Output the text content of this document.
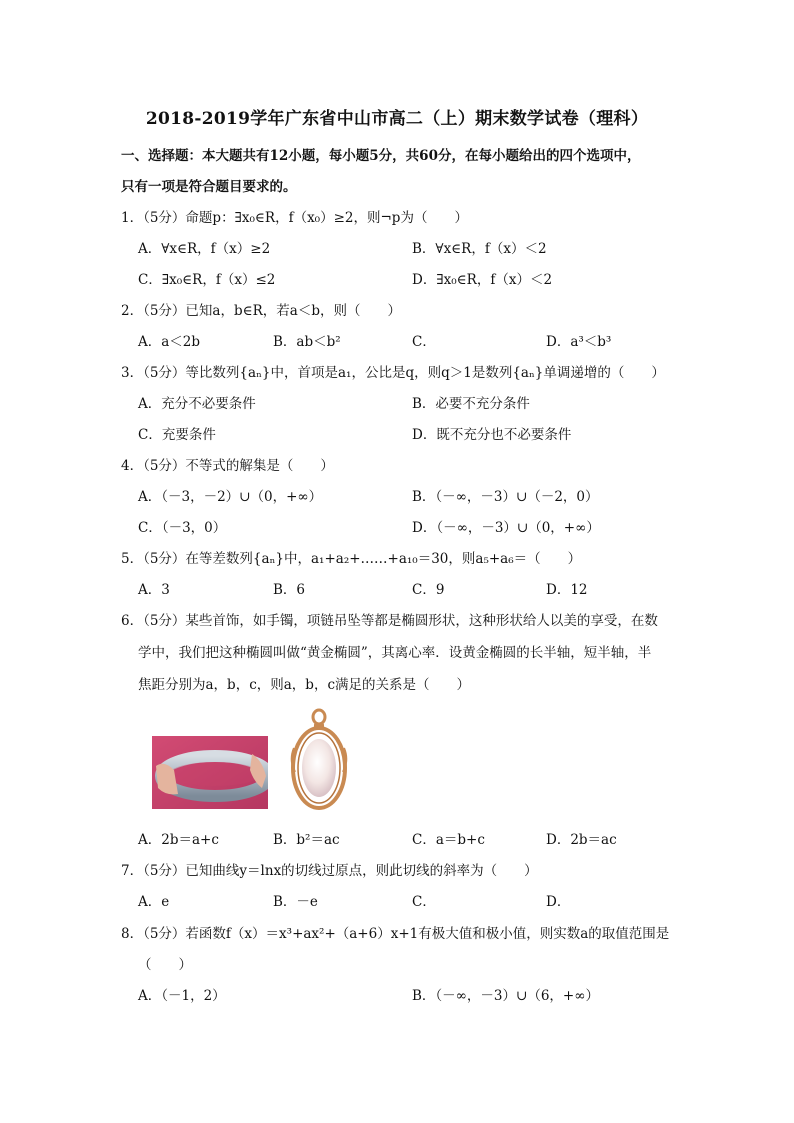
2018-2019学年广东省中山市高二（上）期末数学试卷（理科）
一、选择题：本大题共有12小题，每小题5分，共60分，在每小题给出的四个选项中，
只有一项是符合题目要求的。
1．（5分）命题p：∃x₀∈R，f（x₀）≥2，则¬p为（　　）
A．∀x∈R，f（x）≥2	B．∀x∈R，f（x）＜2
C．∃x₀∈R，f（x）≤2	D．∃x₀∈R，f（x）＜2
2．（5分）已知a，b∈R，若a＜b，则（　　）
A．a＜2b	B．ab＜b²	C．	D．a³＜b³
3．（5分）等比数列{aₙ}中，首项是a₁，公比是q，则q＞1是数列{aₙ}单调递增的（　　）
A．充分不必要条件	B．必要不充分条件
C．充要条件	D．既不充分也不必要条件
4．（5分）不等式的解集是（　　）
A．（－3，－2）∪（0，+∞）	B．（－∞，－3）∪（－2，0）
C．（－3，0）	D．（－∞，－3）∪（0，+∞）
5．（5分）在等差数列{aₙ}中，a₁+a₂+……+a₁₀＝30，则a₅+a₆＝（　　）
A．3	B．6	C．9	D．12
6．（5分）某些首饰，如手镯，项链吊坠等都是椭圆形状，这种形状给人以美的享受，在数
学中，我们把这种椭圆叫做“黄金椭圆”，其离心率．设黄金椭圆的长半轴，短半轴，半
焦距分别为a，b，c，则a，b，c满足的关系是（　　）
A．2b＝a+c	B．b²＝ac	C．a＝b+c	D．2b＝ac
7．（5分）已知曲线y＝lnx的切线过原点，则此切线的斜率为（　　）
A．e	B．－e	C．	D．
8．（5分）若函数f（x）＝x³+ax²+（a+6）x+1有极大值和极小值，则实数a的取值范围是
（　　）
A．（－1，2）	B．（－∞，－3）∪（6，+∞）
